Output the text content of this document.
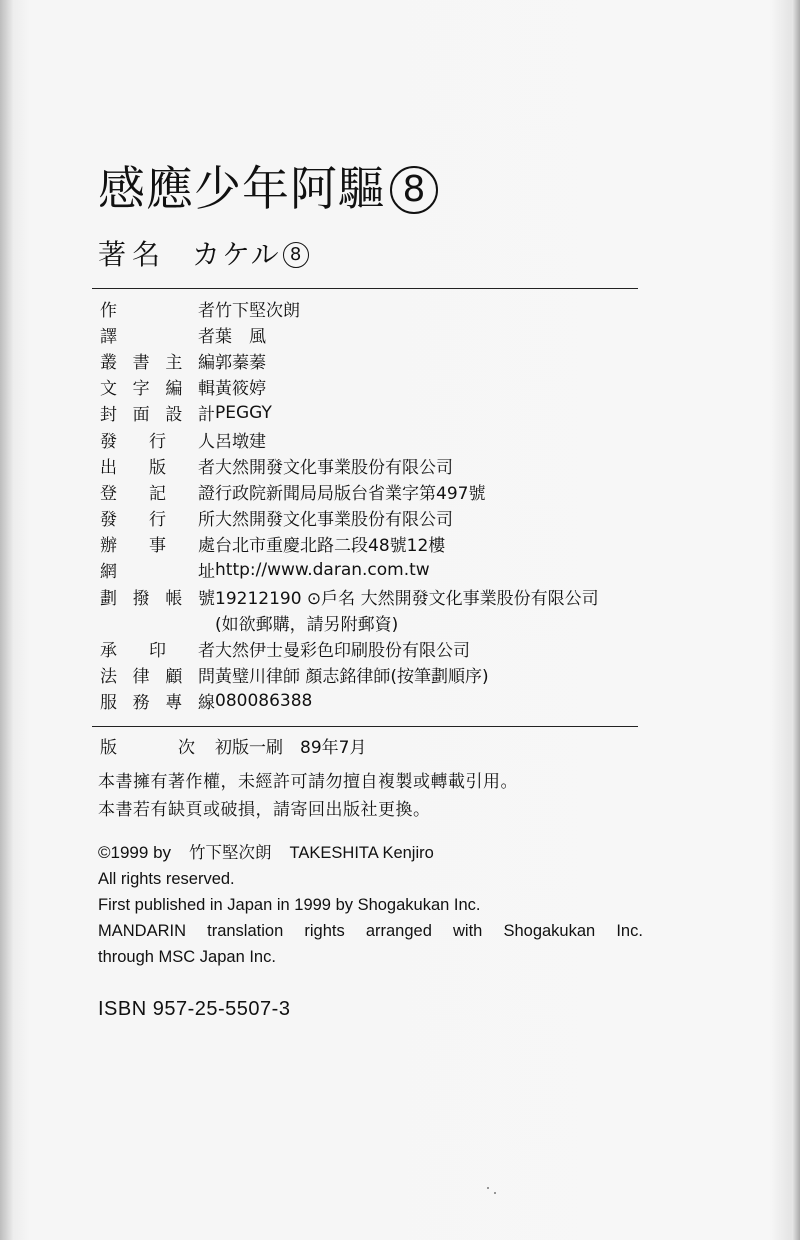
感應少年阿驅 8
著名 カケル 8
作	者 竹下堅次朗
譯	者 葉　風
叢 書 主 編 郭蓁蓁
文 字 編 輯 黃筱婷
封 面 設 計 PEGGY
發 行 人 呂墩建
出 版 者 大然開發文化事業股份有限公司
登 記 證 行政院新聞局局版台省業字第497號
發 行 所 大然開發文化事業股份有限公司
辦 事 處 台北市重慶北路二段48號12樓
網	址 http://www.daran.com.tw
劃 撥 帳 號 19212190 ⊙戶名 大然開發文化事業股份有限公司
(如欲郵購，請另附郵資)
承 印 者 大然伊士曼彩色印刷股份有限公司
法 律 顧 問 黃璧川律師 顏志銘律師(按筆劃順序)
服 務 專 線 080086388
版	次 初版一刷　89年7月
本書擁有著作權，未經許可請勿擅自複製或轉載引用。
本書若有缺頁或破損，請寄回出版社更換。
©1999 by 竹下堅次朗 TAKESHITA Kenjiro
All rights reserved.
First published in Japan in 1999 by Shogakukan Inc.
MANDARIN translation rights arranged with Shogakukan Inc.
through MSC Japan Inc.
ISBN 957-25-5507-3
